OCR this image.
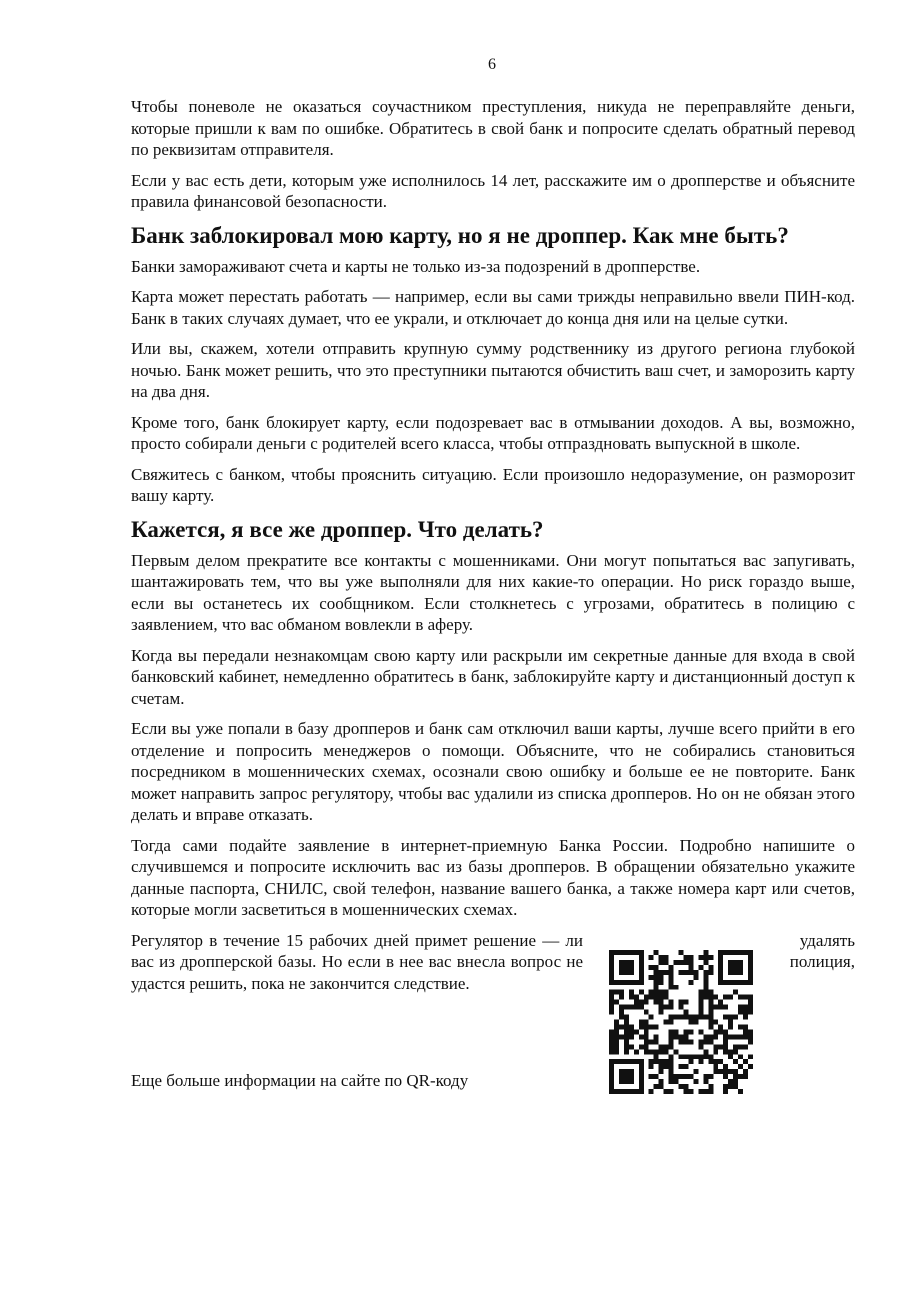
6

Чтобы поневоле не оказаться соучастником преступления, никуда не переправляйте деньги, которые пришли к вам по ошибке. Обратитесь в свой банк и попросите сделать обратный перевод по реквизитам отправителя.

Если у вас есть дети, которым уже исполнилось 14 лет, расскажите им о дропперстве и объясните правила финансовой безопасности.

Банк заблокировал мою карту, но я не дроппер. Как мне быть?

Банки замораживают счета и карты не только из-за подозрений в дропперстве.

Карта может перестать работать — например, если вы сами трижды неправильно ввели ПИН-код. Банк в таких случаях думает, что ее украли, и отключает до конца дня или на целые сутки.

Или вы, скажем, хотели отправить крупную сумму родственнику из другого региона глубокой ночью. Банк может решить, что это преступники пытаются обчистить ваш счет, и заморозить карту на два дня.

Кроме того, банк блокирует карту, если подозревает вас в отмывании доходов. А вы, возможно, просто собирали деньги с родителей всего класса, чтобы отпраздновать выпускной в школе.

Свяжитесь с банком, чтобы прояснить ситуацию. Если произошло недоразумение, он разморозит вашу карту.

Кажется, я все же дроппер. Что делать?

Первым делом прекратите все контакты с мошенниками. Они могут попытаться вас запугивать, шантажировать тем, что вы уже выполняли для них какие-то операции. Но риск гораздо выше, если вы останетесь их сообщником. Если столкнетесь с угрозами, обратитесь в полицию с заявлением, что вас обманом вовлекли в аферу.

Когда вы передали незнакомцам свою карту или раскрыли им секретные данные для входа в свой банковский кабинет, немедленно обратитесь в банк, заблокируйте карту и дистанционный доступ к счетам.

Если вы уже попали в базу дропперов и банк сам отключил ваши карты, лучше всего прийти в его отделение и попросить менеджеров о помощи. Объясните, что не собирались становиться посредником в мошеннических схемах, осознали свою ошибку и больше ее не повторите. Банк может направить запрос регулятору, чтобы вас удалили из списка дропперов. Но он не обязан этого делать и вправе отказать.

Тогда сами подайте заявление в интернет-приемную Банка России. Подробно напишите о случившемся и попросите исключить вас из базы дропперов. В обращении обязательно укажите данные паспорта, СНИЛС, свой телефон, название вашего банка, а также номера карт или счетов, которые могли засветиться в мошеннических схемах.

Регулятор в течение 15 рабочих дней примет решение — ли вас из дропперской базы. Но если в нее вас внесла вопрос не удастся решить, пока не закончится следствие.
удалять полиция,
Еще больше информации на сайте по QR-коду
